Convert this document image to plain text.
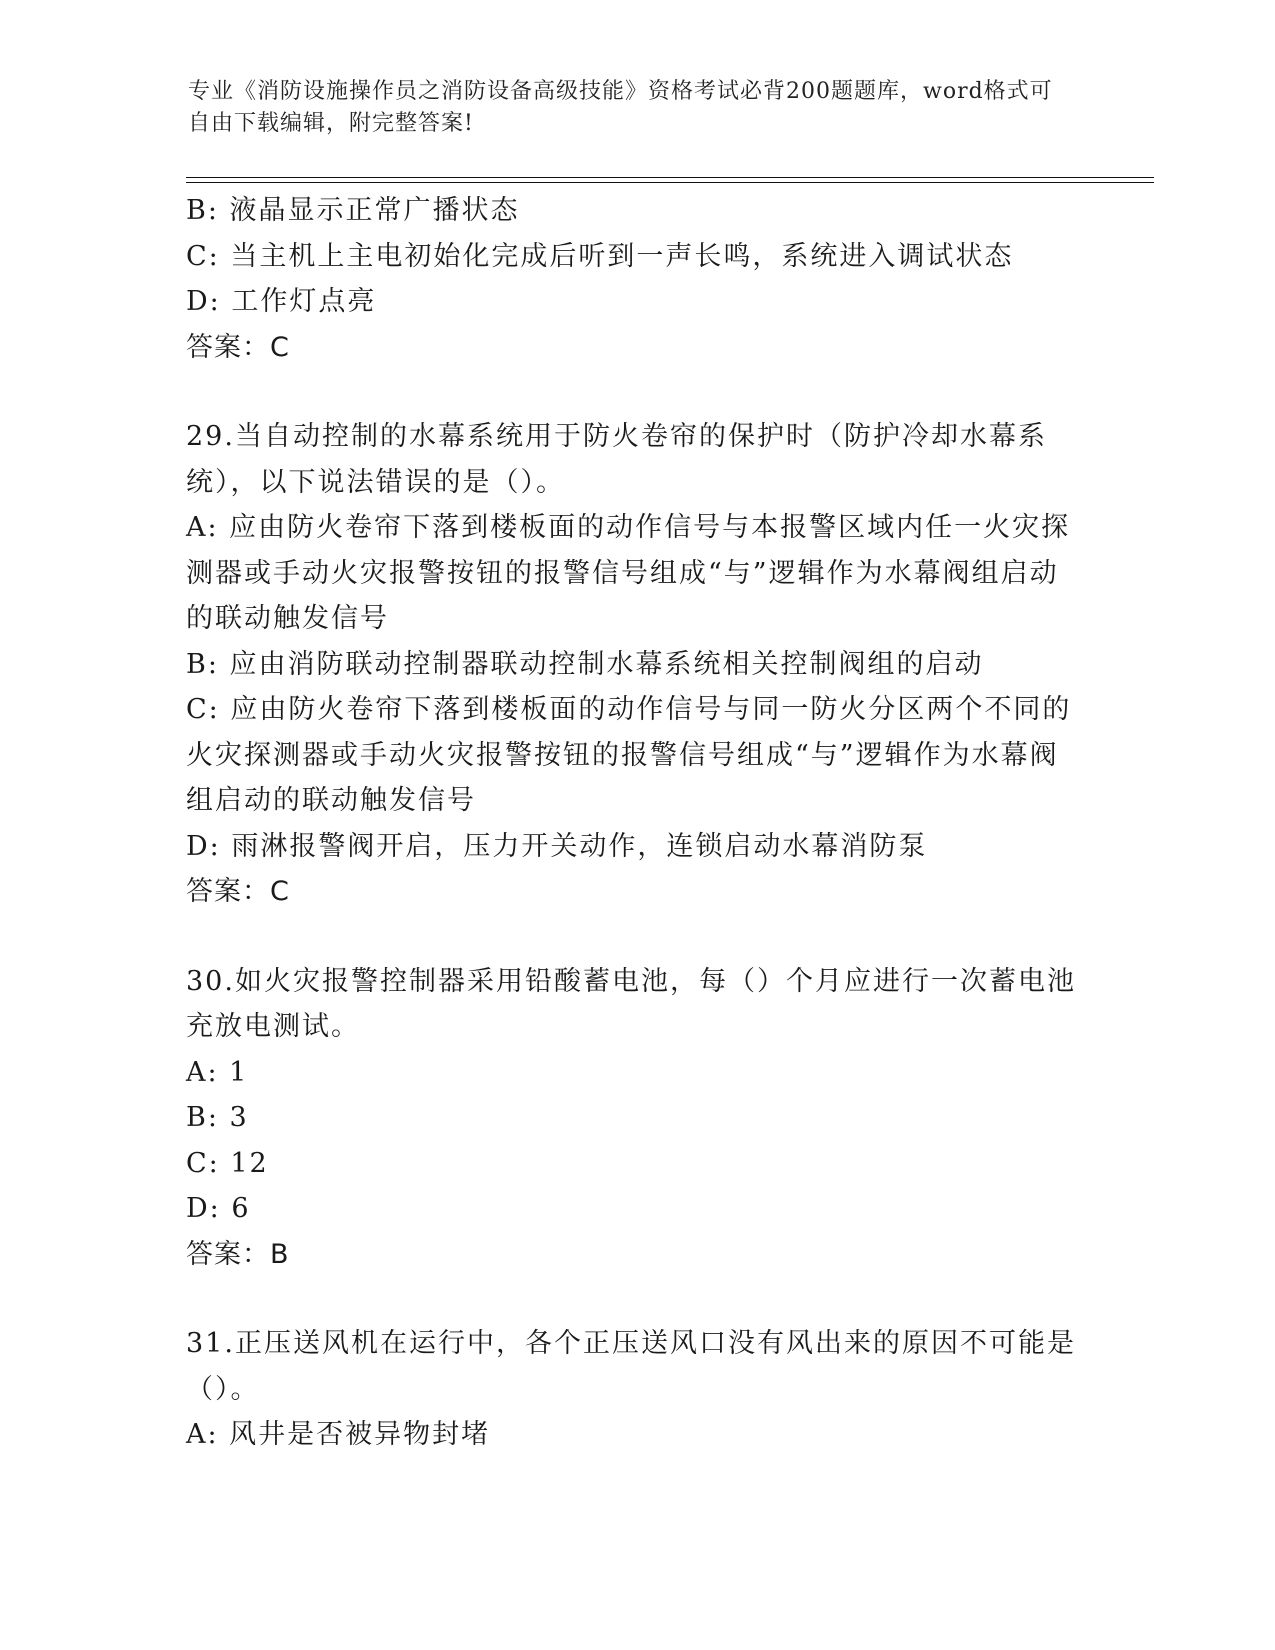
专业《消防设施操作员之消防设备高级技能》资格考试必背200题题库，word格式可自由下载编辑，附完整答案!

B: 液晶显示正常广播状态

C: 当主机上主电初始化完成后听到一声长鸣，系统进入调试状态

D: 工作灯点亮

答案：C

29.当自动控制的水幕系统用于防火卷帘的保护时（防护冷却水幕系统），以下说法错误的是（）。

A: 应由防火卷帘下落到楼板面的动作信号与本报警区域内任一火灾探测器或手动火灾报警按钮的报警信号组成“与”逻辑作为水幕阀组启动的联动触发信号

B: 应由消防联动控制器联动控制水幕系统相关控制阀组的启动

C: 应由防火卷帘下落到楼板面的动作信号与同一防火分区两个不同的火灾探测器或手动火灾报警按钮的报警信号组成“与”逻辑作为水幕阀组启动的联动触发信号

D: 雨淋报警阀开启，压力开关动作，连锁启动水幕消防泵

答案：C

30.如火灾报警控制器采用铅酸蓄电池，每（）个月应进行一次蓄电池充放电测试。

A: 1

B: 3

C: 12

D: 6

答案：B

31.正压送风机在运行中，各个正压送风口没有风出来的原因不可能是（）。

A: 风井是否被异物封堵
